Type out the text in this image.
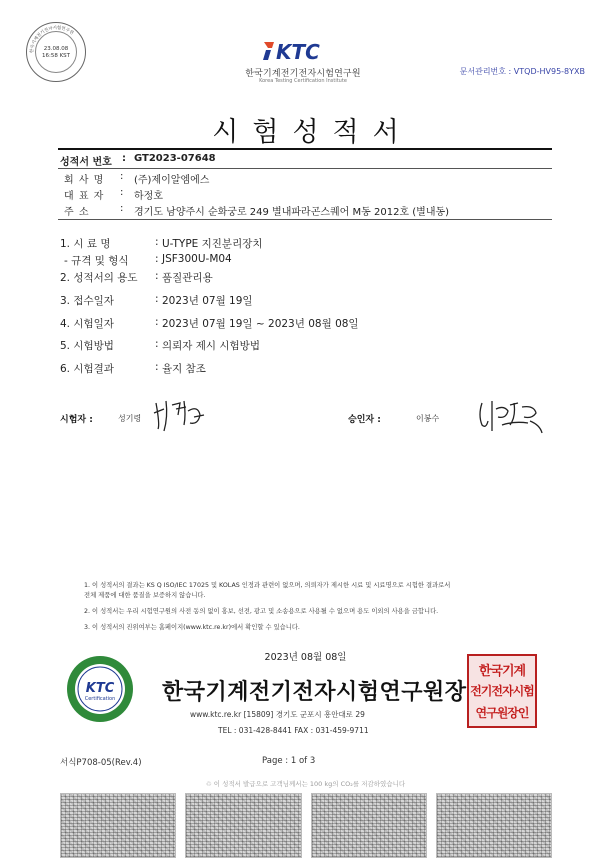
23.08.08
16:58 KST
한국기계전기전자시험연구원
KTC
한국기계전기전자시험연구원
Korea Testing Certification Institute
문서관리번호 : VTQD-HV95-8YXB
시험성적서
성적서 번호 : GT2023-07648
회 사 명 : (주)제이알엠에스
대 표 자 : 하정호
주 소	: 경기도 남양주시 순화궁로 249 별내파라곤스퀘어 M동 2012호 (별내동)
1. 시 료 명	: U-TYPE 지진분리장치
- 규격 및 형식	: JSF300U-M04
2. 성적서의 용도 : 품질관리용
3. 접수일자	: 2023년 07월 19일
4. 시험일자	: 2023년 07월 19일 ~ 2023년 08월 08일
5. 시험방법	: 의뢰자 제시 시험방법
6. 시험결과	: 율지 참조
시험자 :	성기령	승인자 :	이봉수
1. 이 성적서의 결과는 KS Q ISO/IEC 17025 및 KOLAS 인정과 관련이 없으며, 의뢰자가 제시한 시료 및 시료명으로 시험한 결과로서
전체 제품에 대한 품질을 보증하지 않습니다.
2. 이 성적서는 우리 시험연구원의 사전 동의 없이 홍보, 선전, 광고 및 소송용으로 사용될 수 없으며 용도 이외의 사용을 금합니다.
3. 이 성적서의 진위여부는 홈페이지(www.ktc.re.kr)에서 확인할 수 있습니다.
2023년 08월 08일
KTC
Certification 한국기계전기전자시험연구원장
한국기계
전기전자시험
연구원장인
www.ktc.re.kr [15809] 경기도 군포시 흥안대로 29
TEL : 031-428-8441 FAX : 031-459-9711
서식P708-05(Rev.4)	Page : 1 of 3
♲ 이 성적서 발급으로 고객님께서는 100 kg의 CO₂를 저감하였습니다
